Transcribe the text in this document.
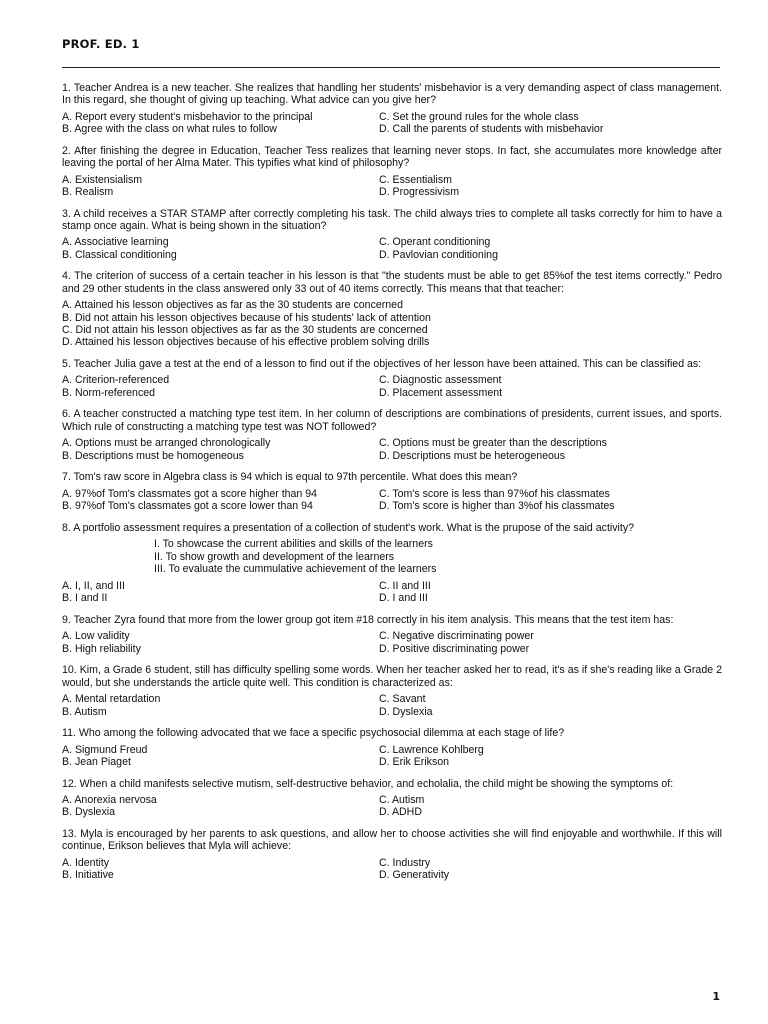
PROF. ED. 1
1. Teacher Andrea is a new teacher. She realizes that handling her students' misbehavior is a very demanding aspect of class management. In this regard, she thought of giving up teaching. What advice can you give her?
A. Report every student's misbehavior to the principal	C. Set the ground rules for the whole class
B. Agree with the class on what rules to follow	D. Call the parents of students with misbehavior
2. After finishing the degree in Education, Teacher Tess realizes that learning never stops. In fact, she accumulates more knowledge after leaving the portal of her Alma Mater. This typifies what kind of philosophy?
A. Existensialism	C. Essentialism
B. Realism	D. Progressivism
3. A child receives a STAR STAMP after correctly completing his task. The child always tries to complete all tasks correctly for him to have a stamp once again. What is being shown in the situation?
A. Associative learning	C. Operant conditioning
B. Classical conditioning	D. Pavlovian conditioning
4. The criterion of success of a certain teacher in his lesson is that "the students must be able to get 85%of the test items correctly." Pedro and 29 other students in the class answered only 33 out of 40 items correctly. This means that that teacher:
A. Attained his lesson objectives as far as the 30 students are concerned
B. Did not attain his lesson objectives because of his students' lack of attention
C. Did not attain his lesson objectives as far as the 30 students are concerned
D. Attained his lesson objectives because of his effective problem solving drills
5. Teacher Julia gave a test at the end of a lesson to find out if the objectives of her lesson have been attained. This can be classified as:
A. Criterion-referenced	C. Diagnostic assessment
B. Norm-referenced	D. Placement assessment
6. A teacher constructed a matching type test item. In her column of descriptions are combinations of presidents, current issues, and sports. Which rule of constructing a matching type test was NOT followed?
A. Options must be arranged chronologically	C. Options must be greater than the descriptions
B. Descriptions must be homogeneous	D. Descriptions must be heterogeneous
7. Tom's raw score in Algebra class is 94 which is equal to 97th percentile. What does this mean?
A. 97%of Tom's classmates got a score higher than 94	C. Tom's score is less than 97%of his classmates
B. 97%of Tom's classmates got a score lower than 94	D. Tom's score is higher than 3%of his classmates
8. A portfolio assessment requires a presentation of a collection of student's work. What is the prupose of the said activity?
I. To showcase the current abilities and skills of the learners
II. To show growth and development of the learners
III. To evaluate the cummulative achievement of the learners
A. I, II, and III	C. II and III
B. I and II	D. I and III
9. Teacher Zyra found that more from the lower group got item #18 correctly in his item analysis. This means that the test item has:
A. Low validity	C. Negative discriminating power
B. High reliability	D. Positive discriminating power
10. Kim, a Grade 6 student, still has difficulty spelling some words. When her teacher asked her to read, it's as if she's reading like a Grade 2 would, but she understands the article quite well. This condition is characterized as:
A. Mental retardation	C. Savant
B. Autism	D. Dyslexia
11. Who among the following advocated that we face a specific psychosocial dilemma at each stage of life?
A. Sigmund Freud	C. Lawrence Kohlberg
B. Jean Piaget	D. Erik Erikson
12. When a child manifests selective mutism, self-destructive behavior, and echolalia, the child might be showing the symptoms of:
A. Anorexia nervosa	C. Autism
B. Dyslexia	D. ADHD
13. Myla is encouraged by her parents to ask questions, and allow her to choose activities she will find enjoyable and worthwhile. If this will continue, Erikson believes that Myla will achieve:
A. Identity	C. Industry
B. Initiative	D. Generativity
1
